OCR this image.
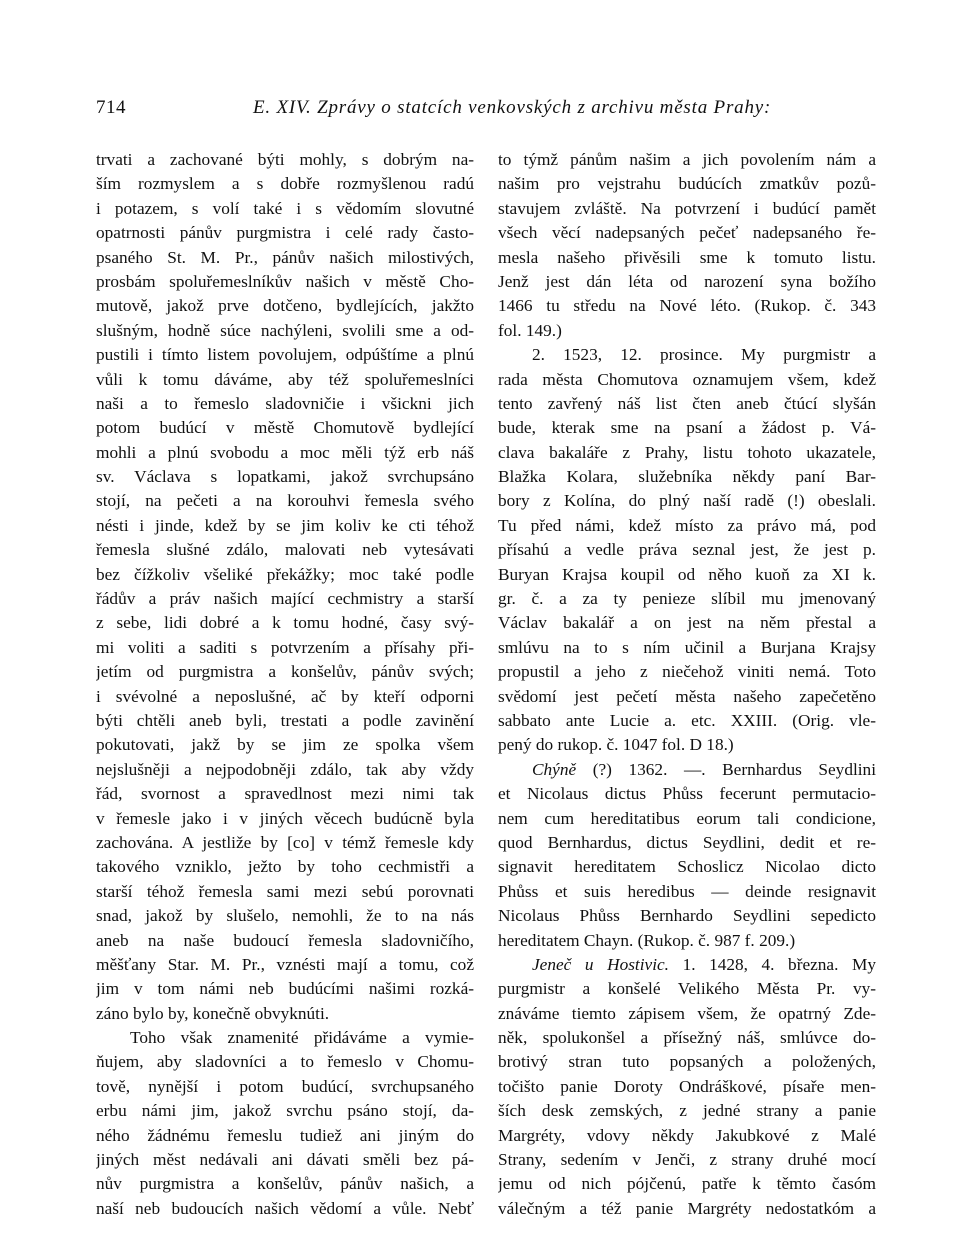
714	E. XIV. Zprávy o statcích venkovských z archivu města Prahy:
trvati a zachované býti mohly, s dobrým na-
ším rozmyslem a s dobře rozmyšlenou radú
i potazem, s volí také i s vědomím slovutné
opatrnosti pánův purgmistra i celé rady často-
psaného St. M. Pr., pánův našich milostivých,
prosbám spoluřemeslníkův našich v městě Cho-
mutově, jakož prve dotčeno, bydlejících, jakžto
slušným, hodně súce nachýleni, svolili sme a od-
pustili i tímto listem povolujem, odpúštíme a plnú
vůli k tomu dáváme, aby též spoluřemeslníci
naši a to řemeslo sladovničie i všickni jich
potom budúcí v městě Chomutově bydlející
mohli a plnú svobodu a moc měli týž erb náš
sv. Václava s lopatkami, jakož svrchupsáno
stojí, na pečeti a na korouhvi řemesla svého
nésti i jinde, kdež by se jim koliv ke cti téhož
řemesla slušné zdálo, malovati neb vytesávati
bez čížkoliv všeliké překážky; moc také podle
řádův a práv našich mající cechmistry a starší
z sebe, lidi dobré a k tomu hodné, časy svý-
mi voliti a saditi s potvrzením a přísahy při-
jetím od purgmistra a konšelův, pánův svých;
i svévolné a neposlušné, ač by kteří odporni
býti chtěli aneb byli, trestati a podle zavinění
pokutovati, jakž by se jim ze spolka všem
nejslušněji a nejpodobněji zdálo, tak aby vždy
řád, svornost a spravedlnost mezi nimi tak
v řemesle jako i v jiných věcech budúcně byla
zachována. A jestliže by [co] v témž řemesle kdy
takového vzniklo, ježto by toho cechmistři a
starší téhož řemesla sami mezi sebú porovnati
snad, jakož by slušelo, nemohli, že to na nás
aneb na naše budoucí řemesla sladovničího,
měšťany Star. M. Pr., vznésti mají a tomu, což
jim v tom námi neb budúcími našimi rozká-
záno bylo by, konečně obvyknúti.
Toho však znamenité přidáváme a vymie-
ňujem, aby sladovníci a to řemeslo v Chomu-
tově, nynější i potom budúcí, svrchupsaného
erbu námi jim, jakož svrchu psáno stojí, da-
ného žádnému řemeslu tudiež ani jiným do
jiných měst nedávali ani dávati směli bez pá-
nův purgmistra a konšelův, pánův našich, a
naší neb budoucích našich vědomí a vůle. Nebť
to týmž pánům našim a jich povolením nám a
našim pro vejstrahu budúcích zmatkův pozů-
stavujem zvláště. Na potvrzení i budúcí pamět
všech věcí nadepsaných pečeť nadepsaného ře-
mesla našeho přivěsili sme k tomuto listu.
Jenž jest dán léta od narození syna božího
1466 tu středu na Nové léto. (Rukop. č. 343
fol. 149.)
2. 1523, 12. prosince. My purgmistr a
rada města Chomutova oznamujem všem, kdež
tento zavřený náš list čten aneb čtúcí slyšán
bude, kterak sme na psaní a žádost p. Vá-
clava bakaláře z Prahy, listu tohoto ukazatele,
Blažka Kolara, služebníka někdy paní Bar-
bory z Kolína, do plný naší radě (!) obeslali.
Tu před námi, kdež místo za právo má, pod
přísahú a vedle práva seznal jest, že jest p.
Buryan Krajsa koupil od něho kuoň za XI k.
gr. č. a za ty penieze slíbil mu jmenovaný
Václav bakalář a on jest na něm přestal a
smlúvu na to s ním učinil a Burjana Krajsy
propustil a jeho z niečehož viniti nemá. Toto
svědomí jest pečetí města našeho zapečetěno
sabbato ante Lucie a. etc. XXIII. (Orig. vle-
pený do rukop. č. 1047 fol. D 18.)
Chýně (?) 1362. —. Bernhardus Seydlini
et Nicolaus dictus Phůss fecerunt permutacio-
nem cum hereditatibus eorum tali condicione,
quod Bernhardus, dictus Seydlini, dedit et re-
signavit hereditatem Schoslicz Nicolao dicto
Phůss et suis heredibus — deinde resignavit
Nicolaus Phůss Bernhardo Seydlini sepedicto
hereditatem Chayn. (Rukop. č. 987 f. 209.)
Jeneč u Hostivic. 1. 1428, 4. března. My
purgmistr a konšelé Velikého Města Pr. vy-
znáváme tiemto zápisem všem, že opatrný Zde-
něk, spolukonšel a přísežný náš, smlúvce do-
brotivý stran tuto popsaných a položených,
točišto panie Doroty Ondráškové, písaře men-
ších desk zemských, z jedné strany a panie
Margréty, vdovy někdy Jakubkové z Malé
Strany, sedením v Jenči, z strany druhé mocí
jemu od nich pójčenú, patře k těmto časóm
válečným a též panie Margréty nedostatkóm a
